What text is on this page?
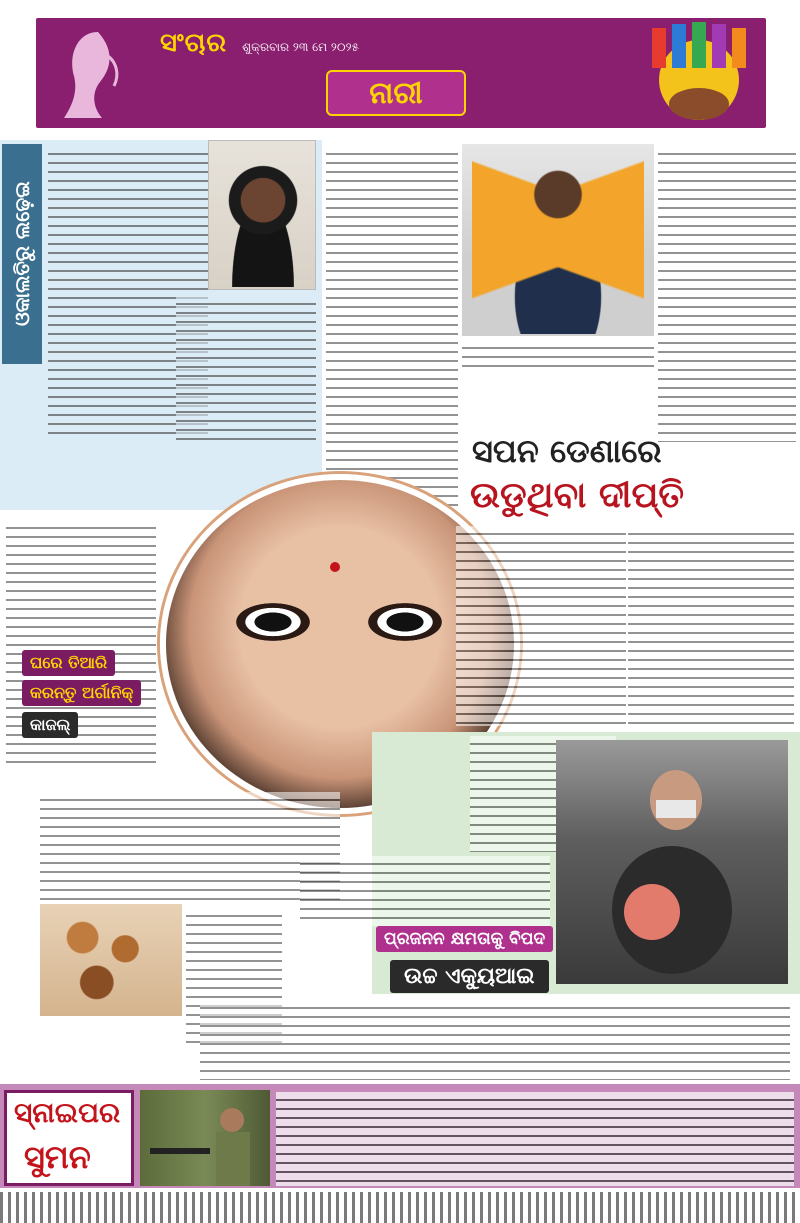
ସଂଚାର ଶୁକ୍ରବାର ୨୩ ମେ ୨୦୨୫
ନାରୀ
ଓକାଲତିରୁ ଲଢ଼େଇ
ସପନ ଡେଣାରେ
ଉଡୁଥିବା ଦୀପ୍ତି
ଘରେ ତିଆରି
କରନ୍ତୁ ଅର୍ଗାନିକ୍
କାଜଲ୍
ପ୍ରଜନନ କ୍ଷମତାକୁ ବିପଦ
ଉଚ୍ଚ ଏକ୍ୟୁଆଇ
ସ୍ନାଇପର
ସୁମନ
